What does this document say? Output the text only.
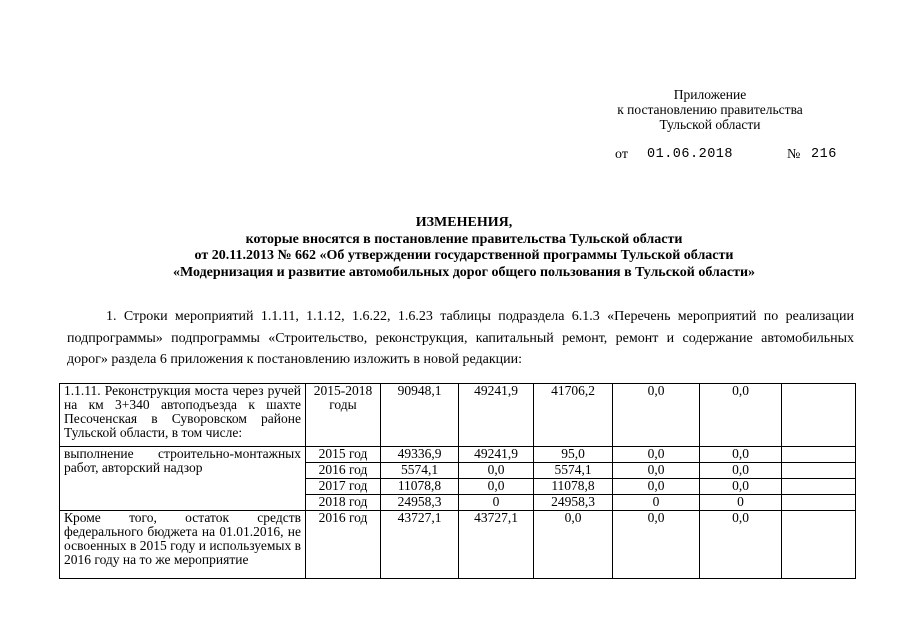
Приложение
к постановлению правительства
Тульской области
от 01.06.2018	№ 216
ИЗМЕНЕНИЯ,
которые вносятся в постановление правительства Тульской области
от 20.11.2013 № 662 «Об утверждении государственной программы Тульской области
«Модернизация и развитие автомобильных дорог общего пользования в Тульской области»

1. Строки мероприятий 1.1.11, 1.1.12, 1.6.22, 1.6.23 таблицы подраздела 6.1.3 «Перечень мероприятий по реализации подпрограммы» подпрограммы «Строительство, реконструкция, капитальный ремонт, ремонт и содержание автомобильных дорог» раздела 6 приложения к постановлению изложить в новой редакции:

1.1.11. Реконструкция моста через ручей на км 3+340 автоподъезда к шахте Песоченская в Суворовском районе Тульской области, в том числе:	2015-2018 годы	90948,1	49241,9	41706,2	0,0	0,0	
выполнение строительно-монтажных работ, авторский надзор	2015 год	49336,9	49241,9	95,0	0,0	0,0	
	2016 год	5574,1	0,0	5574,1	0,0	0,0	
	2017 год	11078,8	0,0	11078,8	0,0	0,0	
	2018 год	24958,3	0	24958,3	0	0	
Кроме того, остаток средств федерального бюджета на 01.01.2016, не освоенных в 2015 году и используемых в 2016 году на то же мероприятие	2016 год	43727,1	43727,1	0,0	0,0	0,0	
